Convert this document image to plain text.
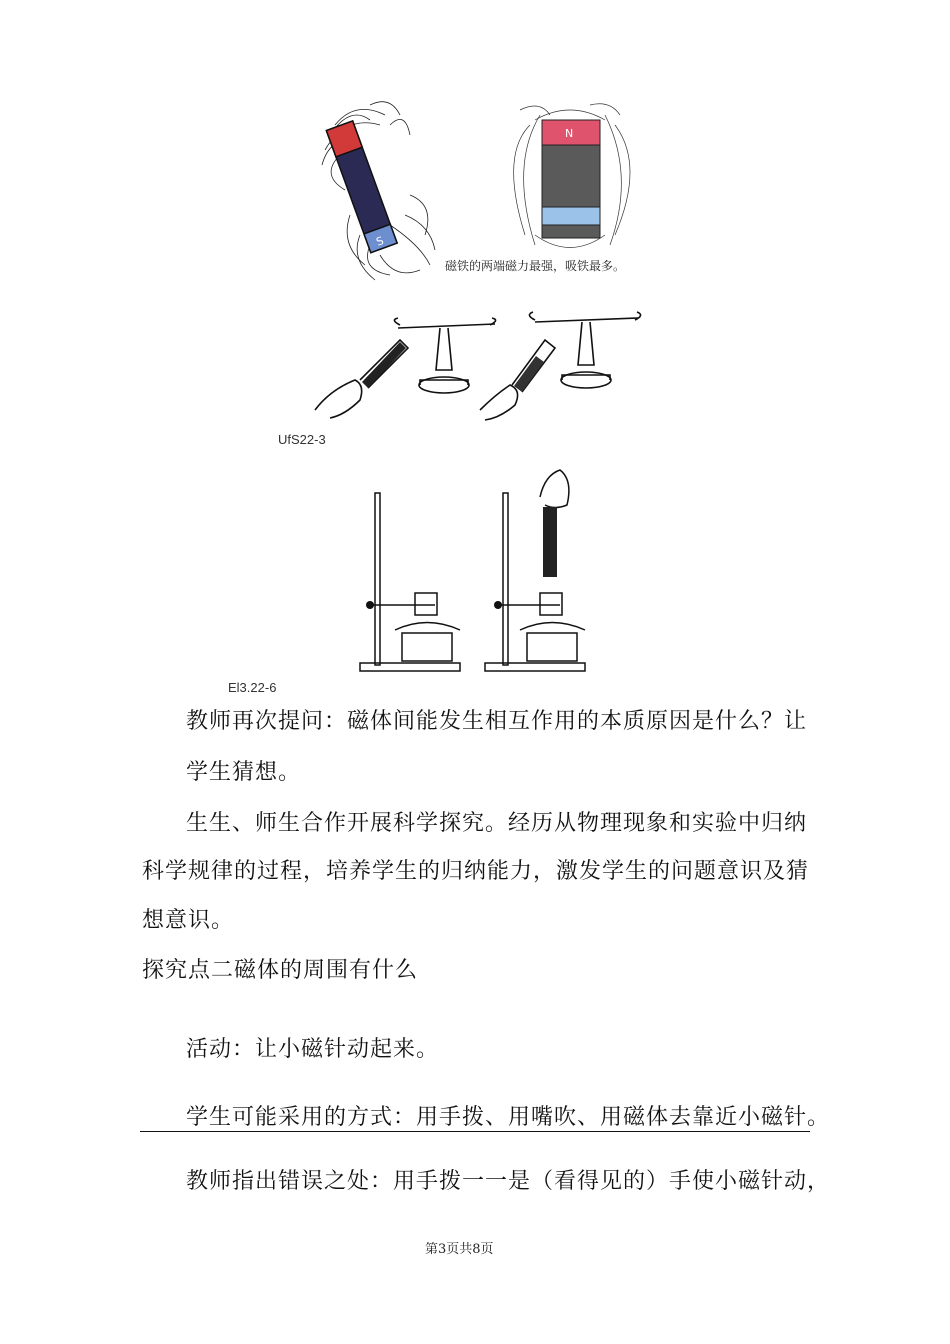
S
N
磁铁的两端磁力最强，吸铁最多。
UfS22-3
El3.22-6
教师再次提问：磁体间能发生相互作用的本质原因是什么？让
学生猜想。
生生、师生合作开展科学探究。经历从物理现象和实验中归纳
科学规律的过程，培养学生的归纳能力，激发学生的问题意识及猜
想意识。
探究点二磁体的周围有什么
活动：让小磁针动起来。
学生可能采用的方式：用手拨、用嘴吹、用磁体去靠近小磁针。
教师指出错误之处：用手拨一一是（看得见的）手使小磁针动，
第3页共8页
